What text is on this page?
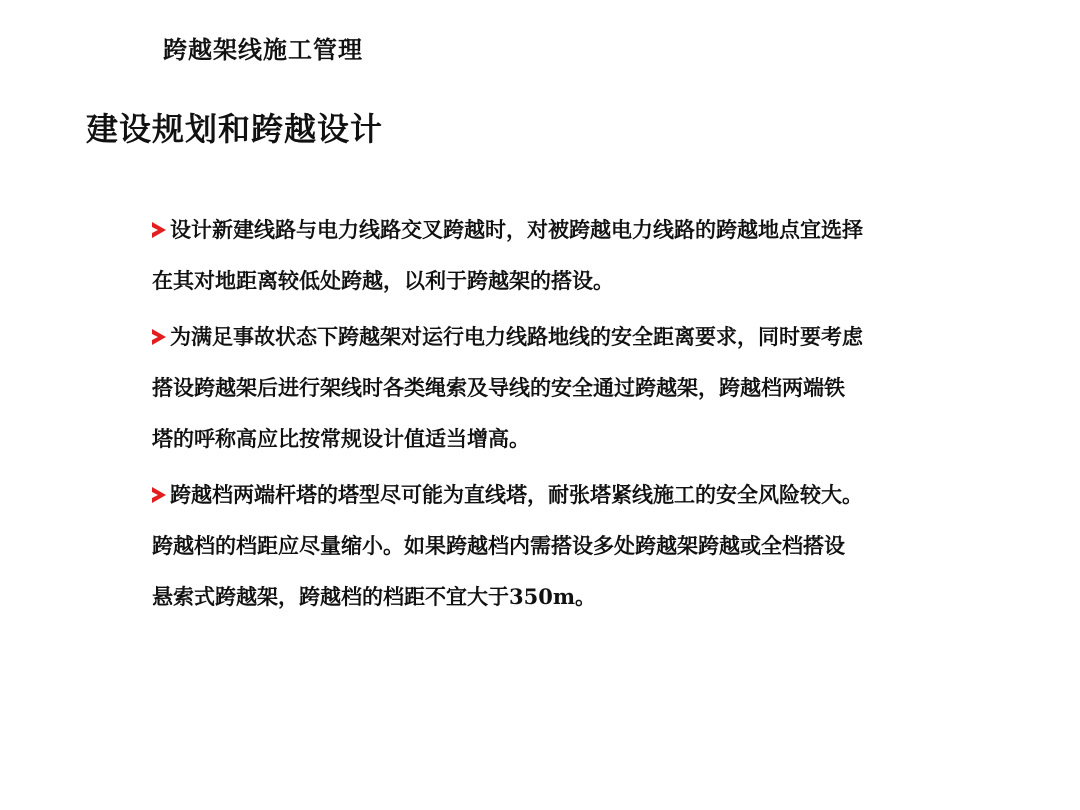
跨越架线施工管理
建设规划和跨越设计
设计新建线路与电力线路交叉跨越时，对被跨越电力线路的跨越地点宜选择
在其对地距离较低处跨越，以利于跨越架的搭设。
为满足事故状态下跨越架对运行电力线路地线的安全距离要求，同时要考虑
搭设跨越架后进行架线时各类绳索及导线的安全通过跨越架，跨越档两端铁
塔的呼称高应比按常规设计值适当增高。
跨越档两端杆塔的塔型尽可能为直线塔，耐张塔紧线施工的安全风险较大。
跨越档的档距应尽量缩小。如果跨越档内需搭设多处跨越架跨越或全档搭设
悬索式跨越架，跨越档的档距不宜大于350m。
